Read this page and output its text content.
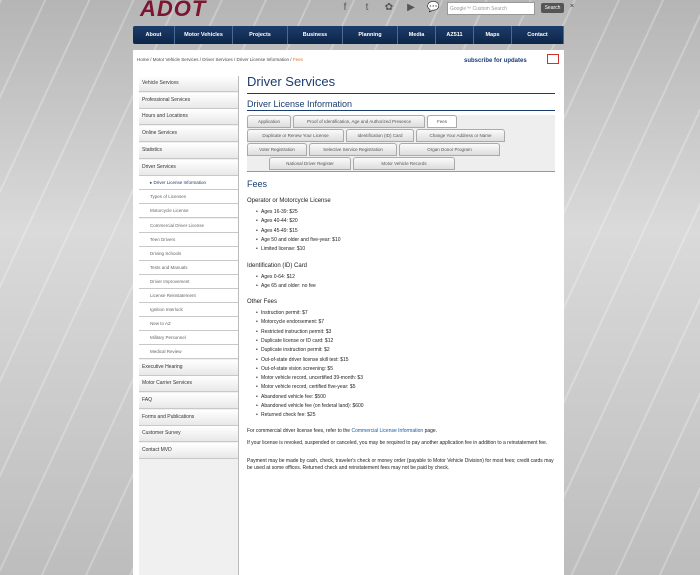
ADOT	f	t	✿ ▶ 💬	Google™ Custom Search	Search	×
About	Motor Vehicles	Projects	Business	Planning	Media	AZ511	Maps	Contact
Home / Motor Vehicle Services / Driver Services / Driver License Information / Fees	subscribe for updates
Vehicle Services
Professional Services
Hours and Locations
Online Services
Statistics
Driver Services
▸ Driver License Information
Types of Licenses
Motorcycle License
Commercial Driver License
Teen Drivers
Driving Schools
Tests and Manuals
Driver Improvement
License Reinstatement
Ignition Interlock
New to AZ
Military Personnel
Medical Review
Executive Hearing
Motor Carrier Services
FAQ
Forms and Publications
Customer Survey
Contact MVD
Driver Services
Driver License Information
Application	Proof of Identification, Age and Authorized Presence	Fees
Duplicate or Renew Your License	Identification (ID) Card	Change Your Address or Name
Voter Registration	Selective Service Registration	Organ Donor Program
National Driver Register	Motor Vehicle Records
Fees
Operator or Motorcycle License
• Ages 16-39: $25
• Ages 40-44: $20
• Ages 45-49: $15
• Age 50 and older and five-year: $10
• Limited license: $10
Identification (ID) Card
• Ages 0-64: $12
• Age 65 and older: no fee
Other Fees
• Instruction permit: $7
• Motorcycle endorsement: $7
• Restricted instruction permit: $3
• Duplicate license or ID card: $12
• Duplicate instruction permit: $2
• Out-of-state driver license skill test: $15
• Out-of-state vision screening: $5
• Motor vehicle record, uncertified 39-month: $3
• Motor vehicle record, certified five-year: $5
• Abandoned vehicle fee: $500
• Abandoned vehicle fee (on federal land): $600
• Returned check fee: $25
For commercial driver license fees, refer to the Commercial License Information page.
If your license is revoked, suspended or canceled, you may be required to pay another application fee in addition to a reinstatement fee.
Payment may be made by cash, check, traveler's check or money order (payable to Motor Vehicle Division) for most fees; credit cards may be used at some offices. Returned check and reinstatement fees may not be paid by check.
